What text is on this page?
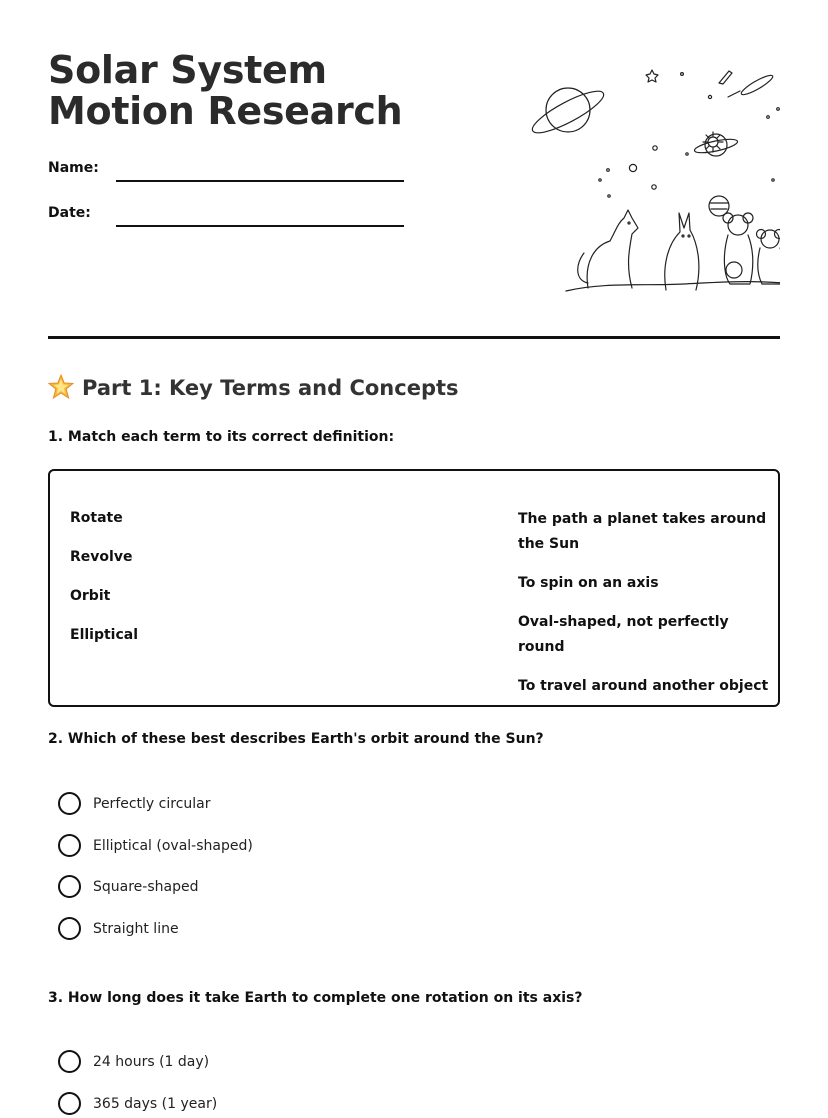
Solar System Motion Research
Name:
Date:
Part 1: Key Terms and Concepts
1. Match each term to its correct definition:
Rotate
Revolve
Orbit
Elliptical
The path a planet takes around the Sun
To spin on an axis
Oval-shaped, not perfectly round
To travel around another object
2. Which of these best describes Earth's orbit around the Sun?
Perfectly circular
Elliptical (oval-shaped)
Square-shaped
Straight line
3. How long does it take Earth to complete one rotation on its axis?
24 hours (1 day)
365 days (1 year)
